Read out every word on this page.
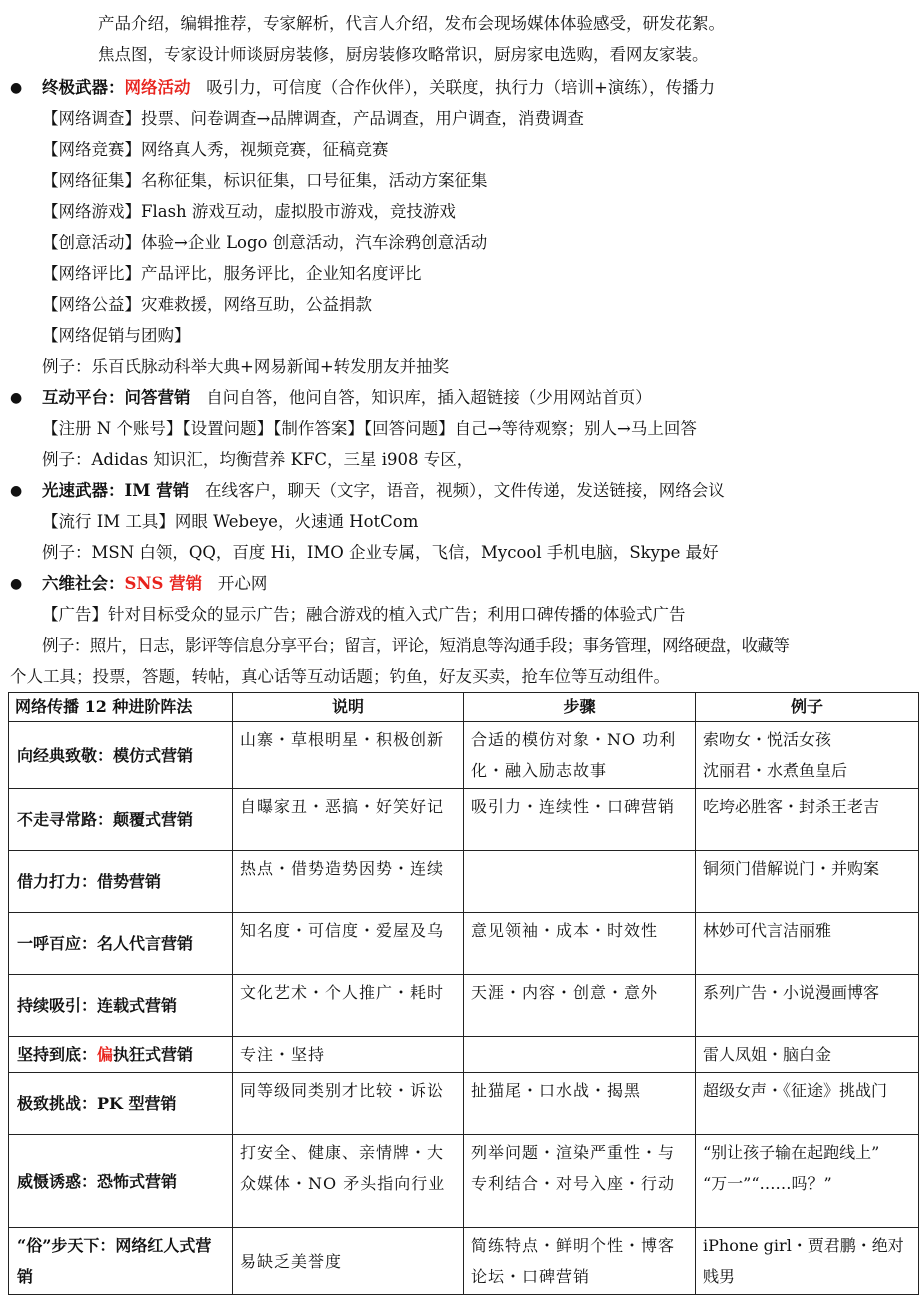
产品介绍，编辑推荐，专家解析，代言人介绍，发布会现场媒体体验感受，研发花絮。
焦点图，专家设计师谈厨房装修，厨房装修攻略常识，厨房家电选购，看网友家装。
● 终极武器：网络活动 吸引力，可信度（合作伙伴），关联度，执行力（培训+演练），传播力
【网络调查】投票、问卷调查→品牌调查，产品调查，用户调查，消费调查
【网络竞赛】网络真人秀，视频竞赛，征稿竞赛
【网络征集】名称征集，标识征集，口号征集，活动方案征集
【网络游戏】Flash 游戏互动，虚拟股市游戏，竞技游戏
【创意活动】体验→企业 Logo 创意活动，汽车涂鸦创意活动
【网络评比】产品评比，服务评比，企业知名度评比
【网络公益】灾难救援，网络互助，公益捐款
【网络促销与团购】
例子：乐百氏脉动科举大典+网易新闻+转发朋友并抽奖
● 互动平台：问答营销 自问自答，他问自答，知识库，插入超链接（少用网站首页）
【注册 N 个账号】【设置问题】【制作答案】【回答问题】自己→等待观察；别人→马上回答
例子：Adidas 知识汇，均衡营养 KFC，三星 i908 专区，
● 光速武器：IM 营销 在线客户，聊天（文字，语音，视频），文件传递，发送链接，网络会议
【流行 IM 工具】网眼 Webeye，火速通 HotCom
例子：MSN 白领，QQ，百度 Hi，IMO 企业专属，飞信，Mycool 手机电脑，Skype 最好
● 六维社会：SNS 营销 开心网
【广告】针对目标受众的显示广告；融合游戏的植入式广告；利用口碑传播的体验式广告
例子：照片，日志，影评等信息分享平台；留言，评论，短消息等沟通手段；事务管理，网络硬盘，收藏等
个人工具；投票，答题，转帖，真心话等互动话题；钓鱼，好友买卖，抢车位等互动组件。
网络传播 12 种进阶阵法	说明	步骤	例子
向经典致敬：模仿式营销	山寨・草根明星・积极创新	合适的模仿对象・NO 功利化・融入励志故事	索吻女・悦活女孩
沈丽君・水煮鱼皇后
不走寻常路：颠覆式营销	自曝家丑・恶搞・好笑好记	吸引力・连续性・口碑营销	吃垮必胜客・封杀王老吉
借力打力：借势营销	热点・借势造势因势・连续		铜须门借解说门・并购案
一呼百应：名人代言营销	知名度・可信度・爱屋及乌	意见领袖・成本・时效性	林妙可代言洁丽雅
持续吸引：连载式营销	文化艺术・个人推广・耗时	天涯・内容・创意・意外	系列广告・小说漫画博客
坚持到底：偏执狂式营销	专注・坚持		雷人凤姐・脑白金
极致挑战：PK 型营销	同等级同类别才比较・诉讼	扯猫尾・口水战・揭黑	超级女声・《征途》挑战门
威慑诱惑：恐怖式营销	打安全、健康、亲情牌・大众媒体・NO 矛头指向行业	列举问题・渲染严重性・与专利结合・对号入座・行动	“别让孩子输在起跑线上”
“万一”“……吗？”
“俗”步天下：网络红人式营销	易缺乏美誉度	简练特点・鲜明个性・博客论坛・口碑营销	iPhone girl・贾君鹏・绝对贱男
